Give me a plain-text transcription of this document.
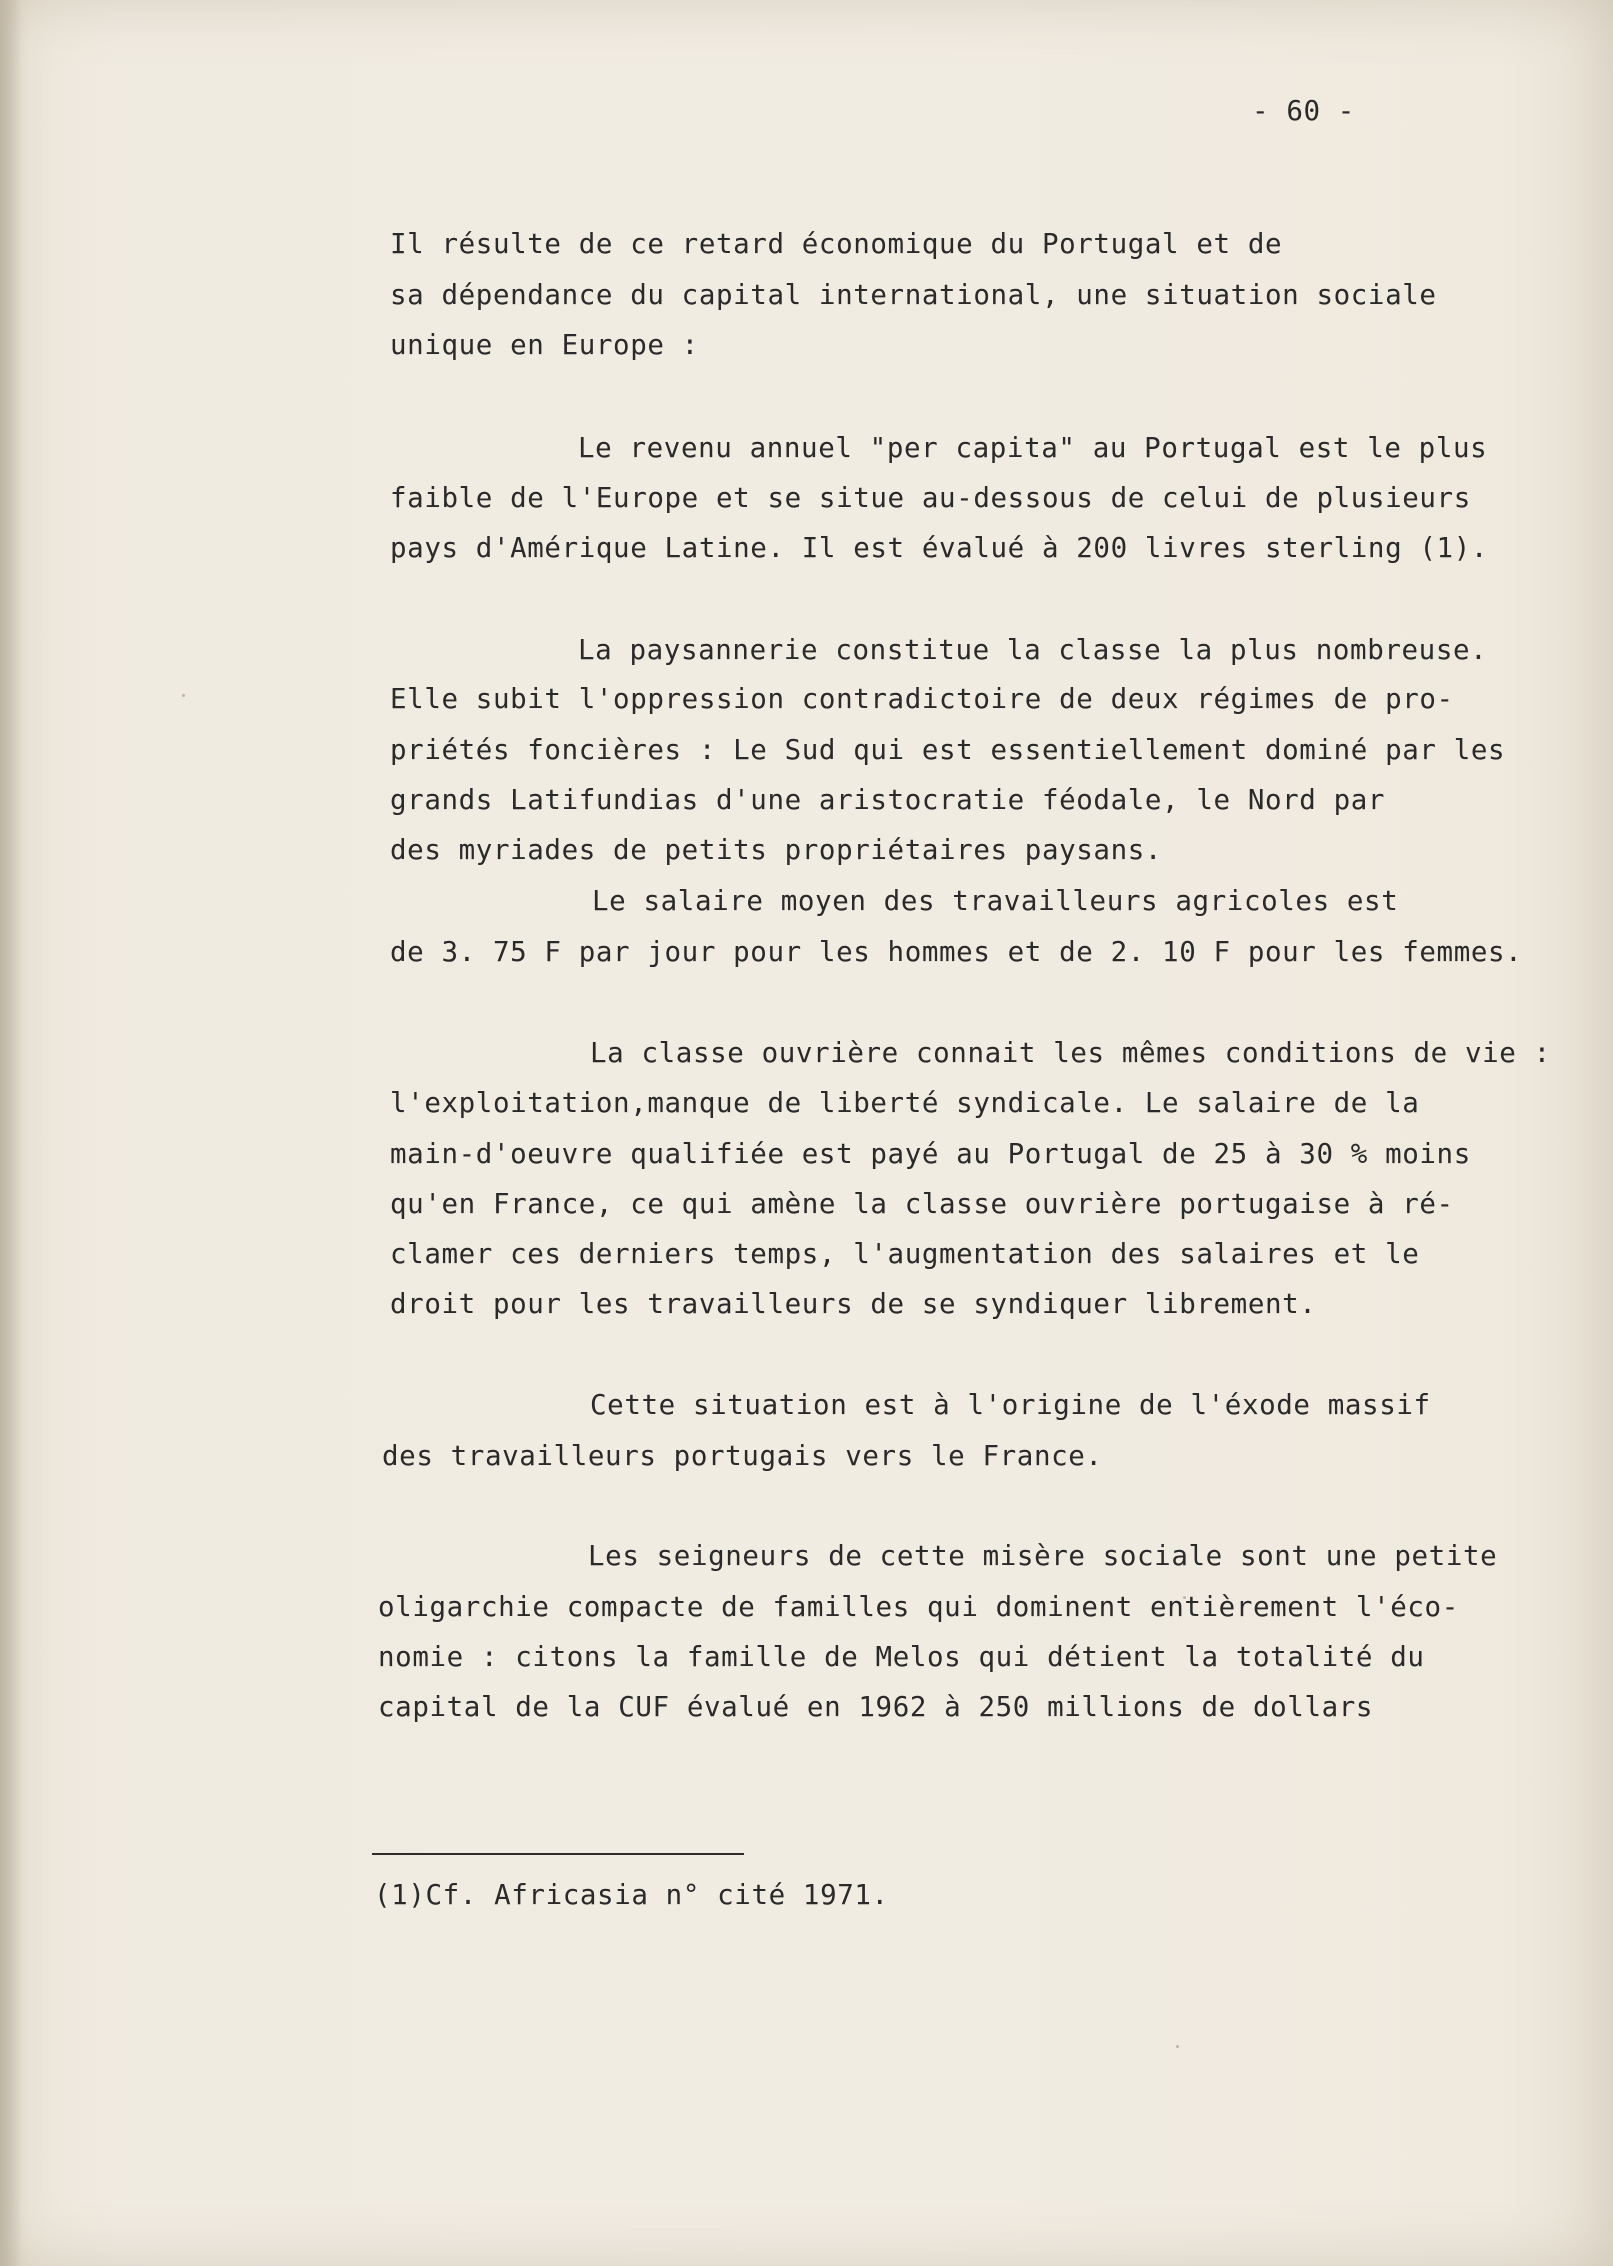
- 60 -

Il résulte de ce retard économique du Portugal et de

sa dépendance du capital international, une situation sociale

unique en Europe :

Le revenu annuel "per capita" au Portugal est le plus

faible de l'Europe et se situe au-dessous de celui de plusieurs

pays d'Amérique Latine. Il est évalué à 200 livres sterling (1).

La paysannerie constitue la classe la plus nombreuse.

Elle subit l'oppression contradictoire de deux régimes de pro-

priétés foncières : Le Sud qui est essentiellement dominé par les

grands Latifundias d'une aristocratie féodale, le Nord par

des myriades de petits propriétaires paysans.

Le salaire moyen des travailleurs agricoles est

de 3. 75 F par jour pour les hommes et de 2. 10 F pour les femmes.

La classe ouvrière connait les mêmes conditions de vie :

l'exploitation,manque de liberté syndicale. Le salaire de la

main-d'oeuvre qualifiée est payé au Portugal de 25 à 30 % moins

qu'en France, ce qui amène la classe ouvrière portugaise à ré-

clamer ces derniers temps, l'augmentation des salaires et le

droit pour les travailleurs de se syndiquer librement.

Cette situation est à l'origine de l'éxode massif

des travailleurs portugais vers le France.

Les seigneurs de cette misère sociale sont une petite

oligarchie compacte de familles qui dominent entièrement l'éco-

nomie : citons la famille de Melos qui détient la totalité du

capital de la CUF évalué en 1962 à 250 millions de dollars

(1)Cf. Africasia n° cité 1971.
